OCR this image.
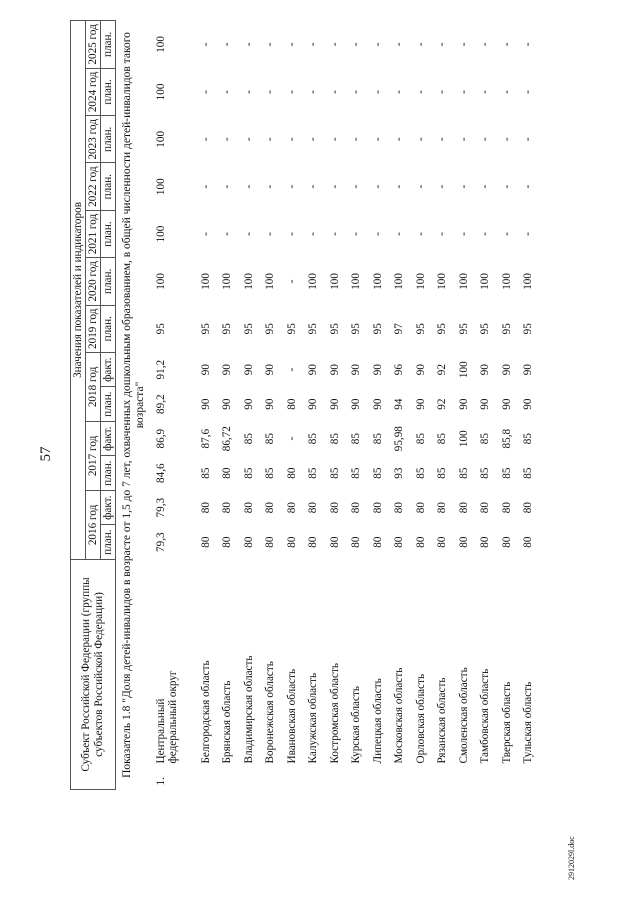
57
2912029l.doc
Субъект Российской Федерации (группы субъектов Российской Федерации)	Значения показателей и индикаторов												
	2016 год		2017 год		2018 год		2019 год	2020 год	2021 год	2022 год	2023 год	2024 год	2025 год
	план.	факт.	план.	факт.	план.	факт.	план.	план.	план.	план.	план.	план.	план.
Показатель 1.8 "Доля детей-инвалидов в возрасте от 1,5 до 7 лет, охваченных дошкольным образованием, в общей численности детей-инвалидов такого возраста"													
1.Центральный федеральный округ	79,3	79,3	84,6	86,9	89,2	91,2	95	100	100	100	100	100	100
Белгородская область	80	80	85	87,6	90	90	95	100	-	-	-	-	-
Брянская область	80	80	80	86,72	90	90	95	100	-	-	-	-	-
Владимирская область	80	80	85	85	90	90	95	100	-	-	-	-	-
Воронежская область	80	80	85	85	90	90	95	100	-	-	-	-	-
Ивановская область	80	80	80	-	80	-	95	-	-	-	-	-	-
Калужская область	80	80	85	85	90	90	95	100	-	-	-	-	-
Костромская область	80	80	85	85	90	90	95	100	-	-	-	-	-
Курская область	80	80	85	85	90	90	95	100	-	-	-	-	-
Липецкая область	80	80	85	85	90	90	95	100	-	-	-	-	-
Московская область	80	80	93	95,98	94	96	97	100	-	-	-	-	-
Орловская область	80	80	85	85	90	90	95	100	-	-	-	-	-
Рязанская область	80	80	85	85	92	92	95	100	-	-	-	-	-
Смоленская область	80	80	85	100	90	100	95	100	-	-	-	-	-
Тамбовская область	80	80	85	85	90	90	95	100	-	-	-	-	-
Тверская область	80	80	85	85,8	90	90	95	100	-	-	-	-	-
Тульская область	80	80	85	85	90	90	95	100	-	-	-	-	-
